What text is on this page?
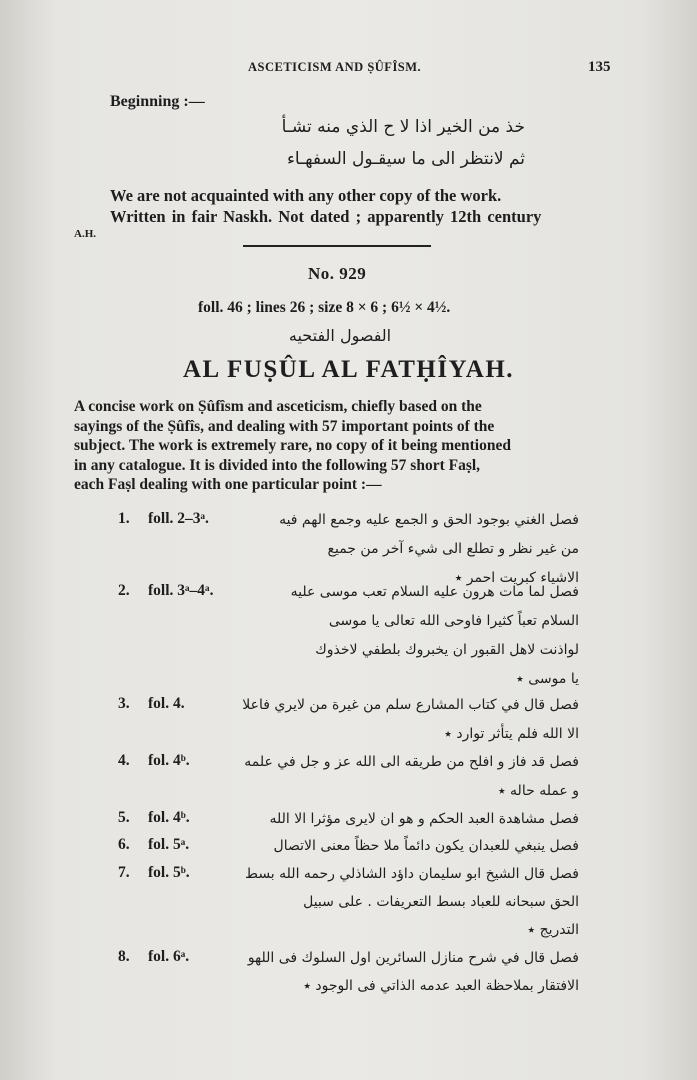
ASCETICISM AND ṢÛFÎSM.	135
Beginning :—
خذ من الخير اذا لا ح الذي منه تشـأ
ثم لانتظر الى ما سيقـول السفهـاء
We are not acquainted with any other copy of the work.
Written in fair Naskh. Not dated ; apparently 12th century
A.H.
No. 929
foll. 46 ; lines 26 ; size 8 × 6 ; 6½ × 4½.
الفصول الفتحيه
AL FUṢÛL AL FATḤÎYAH.
A concise work on Ṣûfîsm and asceticism, chiefly based on the
sayings of the Ṣûfîs, and dealing with 57 important points of the
subject. The work is extremely rare, no copy of it being mentioned
in any catalogue. It is divided into the following 57 short Faṣl,
each Faṣl dealing with one particular point :—
1. foll. 2–3ᵃ.	فصل الغني بوجود الحق و الجمع عليه وجمع الهم فيه
من غير نظر و تطلع الى شيء آخر من جميع
الاشياء كبريت احمر ٭
2. foll. 3ᵃ–4ᵃ.	فصل لما مات هرون عليه السلام تعب موسى عليه
السلام تعباً كثيرا فاوحى الله تعالى يا موسى
لواذنت لاهل القبور ان يخبروك بلطفي لاخذوك
يا موسى ٭
3. fol. 4.	فصل قال في كتاب المشارع سلم من غيرة من لايري فاعلا
الا الله فلم يتأثر توارد ٭
4. fol. 4ᵇ.	فصل قد فاز و افلح من طريقه الى الله عز و جل في علمه
و عمله حاله ٭
5. fol. 4ᵇ.	فصل مشاهدة العبد الحكم و هو ان لايرى مؤثرا الا الله
6. fol. 5ᵃ.	فصل ينبغي للعبدان يكون دائماً ملا حظاً معنى الاتصال
7. fol. 5ᵇ.	فصل قال الشيخ ابو سليمان داؤد الشاذلي رحمه الله بسط
الحق سبحانه للعباد بسط التعريفات . على سبيل
التدريج ٭
8. fol. 6ᵃ.	فصل قال في شرح منازل السائرين اول السلوك فى اللهو
الافتقار بملاحظة العبد عدمه الذاتي فى الوجود ٭
